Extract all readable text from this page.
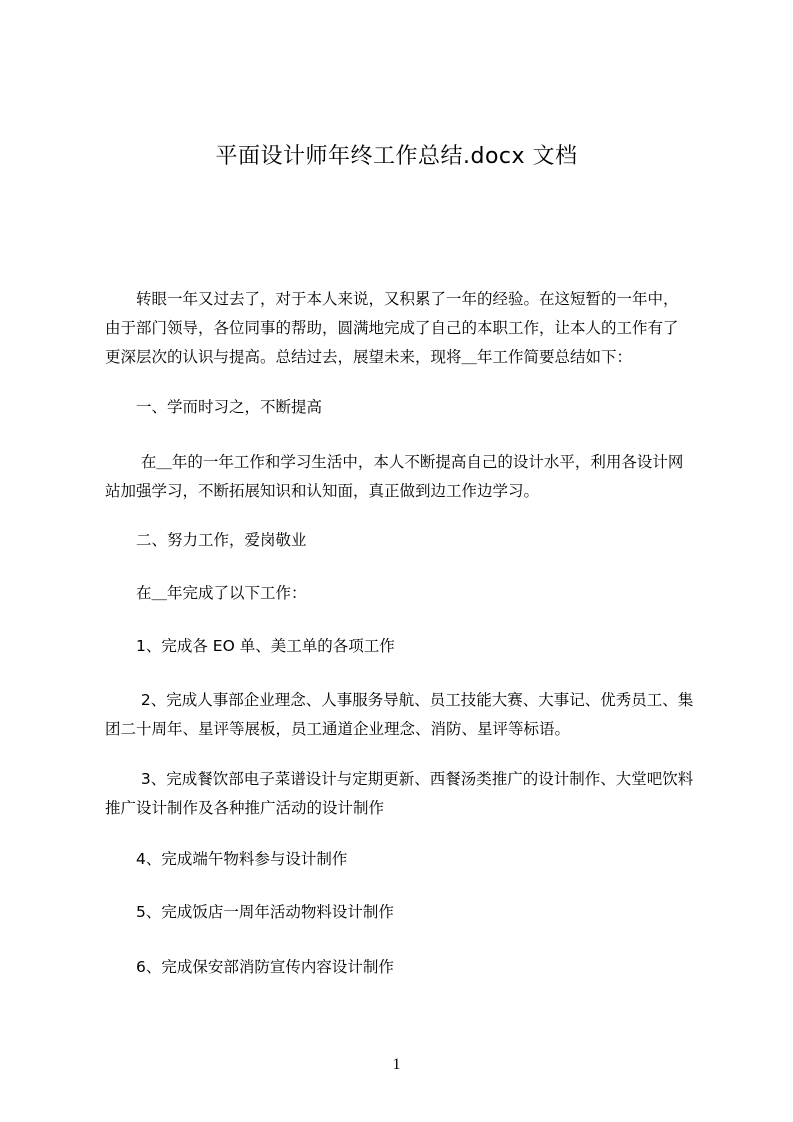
平面设计师年终工作总结.docx 文档
　　转眼一年又过去了，对于本人来说，又积累了一年的经验。在这短暂的一年中，
由于部门领导，各位同事的帮助，圆满地完成了自己的本职工作，让本人的工作有了
更深层次的认识与提高。总结过去，展望未来，现将＿年工作简要总结如下：
　　一、学而时习之，不断提高
　　 在＿年的一年工作和学习生活中，本人不断提高自己的设计水平，利用各设计网
站加强学习，不断拓展知识和认知面，真正做到边工作边学习。
　　二、努力工作，爱岗敬业
　　在＿年完成了以下工作：
　　1、完成各 EO 单、美工单的各项工作
　　 2、完成人事部企业理念、人事服务导航、员工技能大赛、大事记、优秀员工、集
团二十周年、星评等展板，员工通道企业理念、消防、星评等标语。
　　 3、完成餐饮部电子菜谱设计与定期更新、西餐汤类推广的设计制作、大堂吧饮料
推广设计制作及各种推广活动的设计制作
　　4、完成端午物料参与设计制作
　　5、完成饭店一周年活动物料设计制作
　　6、完成保安部消防宣传内容设计制作
1
